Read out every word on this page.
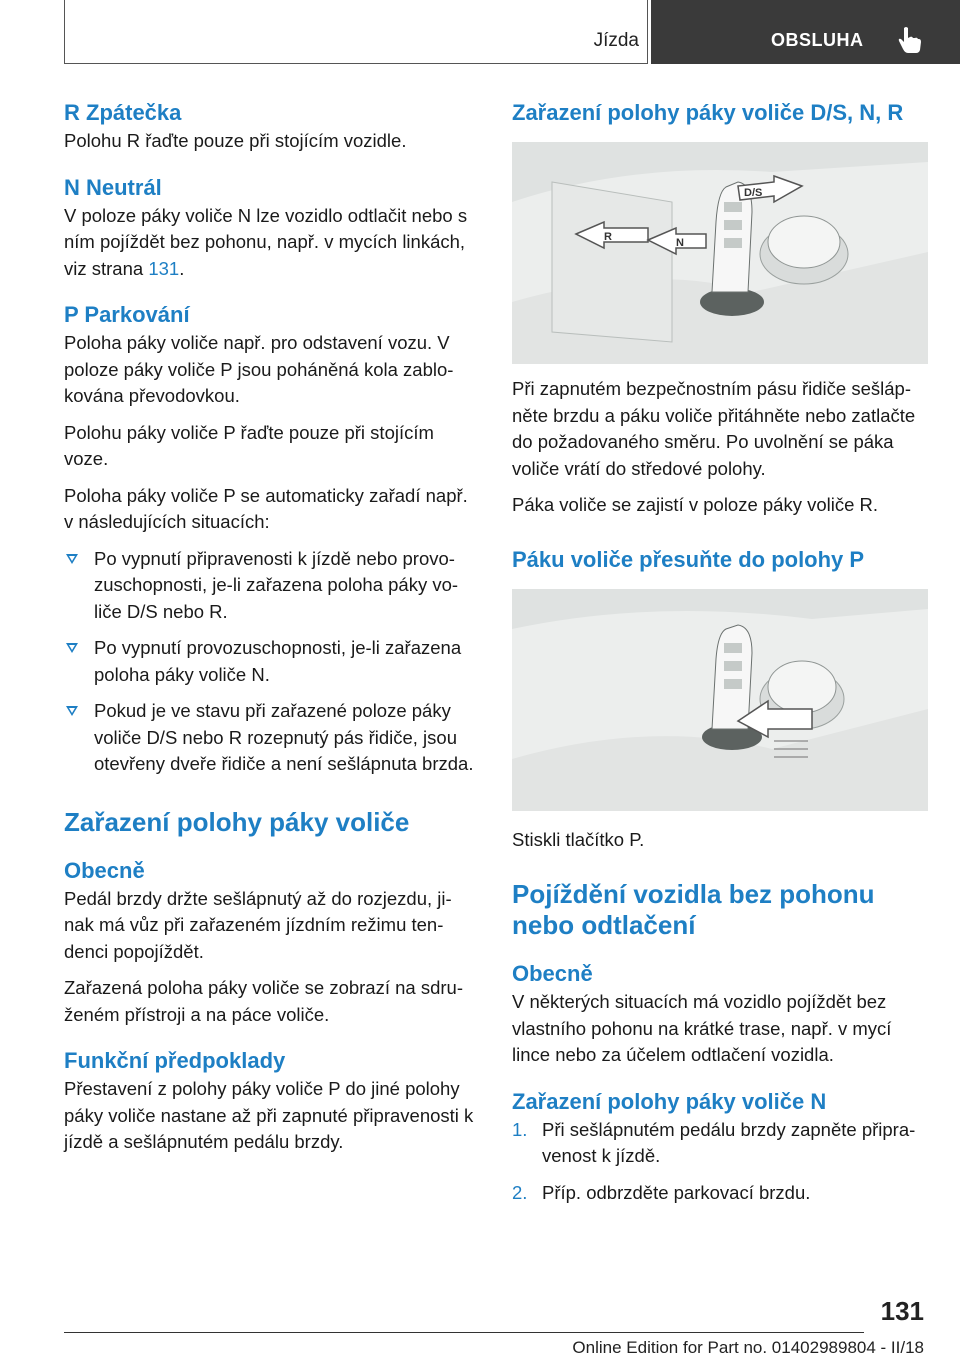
Jízda	OBSLUHA
R Zpátečka

Polohu R řaďte pouze při stojícím vozidle.

N Neutrál

V poloze páky voliče N lze vozidlo odtlačit nebo s ním pojíždět bez pohonu, např. v mycích linkách, viz strana 131.

P Parkování

Poloha páky voliče např. pro odstavení vozu. V poloze páky voliče P jsou poháněná kola zablo‐ kována převodovkou.

Polohu páky voliče P řaďte pouze při stojícím voze.

Poloha páky voliče P se automaticky zařadí např. v následujících situacích:

Po vypnutí připravenosti k jízdě nebo provo‐ zuschopnosti, je-li zařazena poloha páky vo‐ liče D/S nebo R.
Po vypnutí provozuschopnosti, je-li zařazena poloha páky voliče N.
Pokud je ve stavu při zařazené poloze páky voliče D/S nebo R rozepnutý pás řidiče, jsou otevřeny dveře řidiče a není sešlápnuta brzda.
Zařazení polohy páky voliče
Obecně

Pedál brzdy držte sešlápnutý až do rozjezdu, ji‐ nak má vůz při zařazeném jízdním režimu ten‐ denci popojíždět.

Zařazená poloha páky voliče se zobrazí na sdru‐ ženém přístroji a na páce voliče.

Funkční předpoklady

Přestavení z polohy páky voliče P do jiné polohy páky voliče nastane až při zapnuté připravenosti k jízdě a sešlápnutém pedálu brzdy.

Zařazení polohy páky voliče D/S, N, R
R	N
D/S

Při zapnutém bezpečnostním pásu řidiče sešláp‐ něte brzdu a páku voliče přitáhněte nebo zatlačte do požadovaného směru. Po uvolnění se páka voliče vrátí do středové polohy.

Páka voliče se zajistí v poloze páky voliče R.

Páku voliče přesuňte do polohy P

Stiskli tlačítko P.

Pojíždění vozidla bez pohonu nebo odtlačení
Obecně

V některých situacích má vozidlo pojíždět bez vlastního pohonu na krátké trase, např. v mycí lince nebo za účelem odtlačení vozidla.

Zařazení polohy páky voliče N
1. Při sešlápnutém pedálu brzdy zapněte připra‐ venost k jízdě.
2. Příp. odbrzděte parkovací brzdu.
131
Online Edition for Part no. 01402989804 - II/18
